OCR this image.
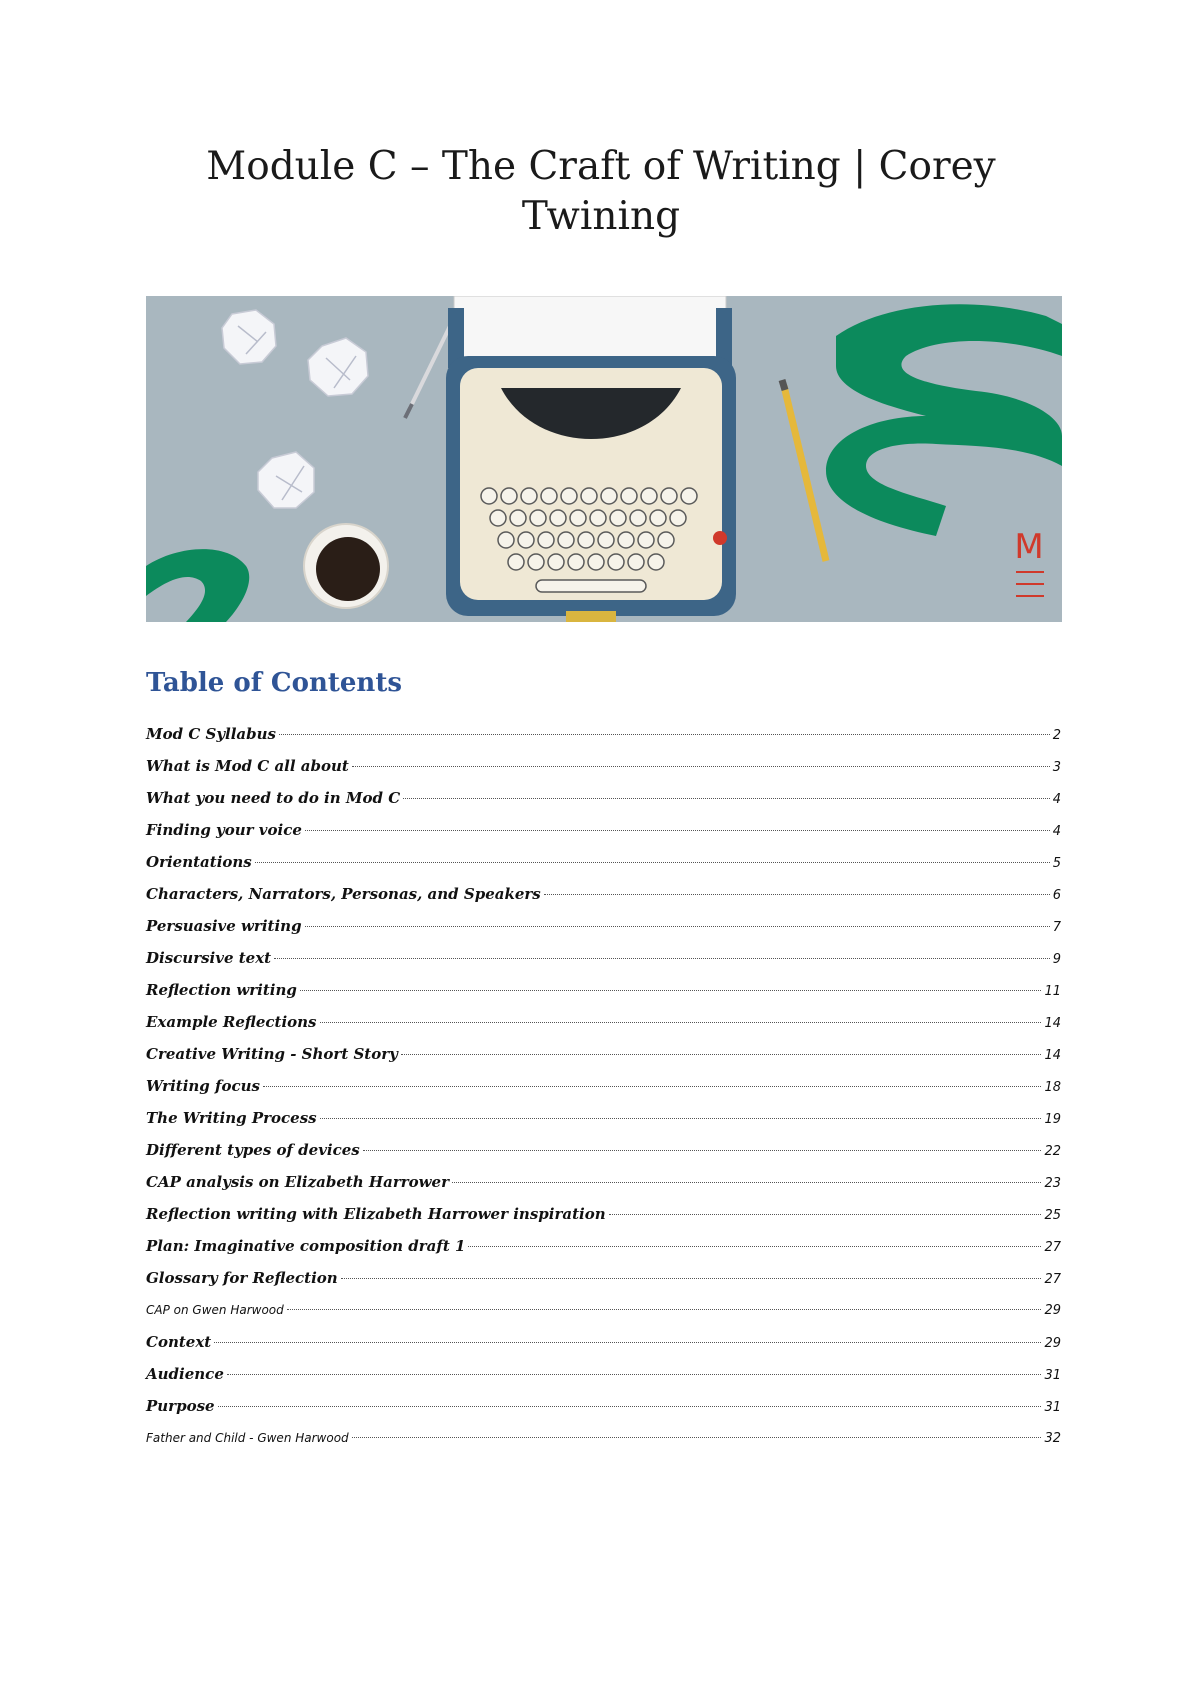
Module C – The Craft of Writing | Corey Twining
M
Table of Contents
Mod C Syllabus	2
What is Mod C all about	3
What you need to do in Mod C	4
Finding your voice	4
Orientations	5
Characters, Narrators, Personas, and Speakers	6
Persuasive writing	7
Discursive text	9
Reflection writing	11
Example Reflections	14
Creative Writing - Short Story	14
Writing focus	18
The Writing Process	19
Different types of devices	22
CAP analysis on Elizabeth Harrower	23
Reflection writing with Elizabeth Harrower inspiration	25
Plan: Imaginative composition draft 1	27
Glossary for Reflection	27
CAP on Gwen Harwood	29
Context	29
Audience	31
Purpose	31
Father and Child - Gwen Harwood	32
